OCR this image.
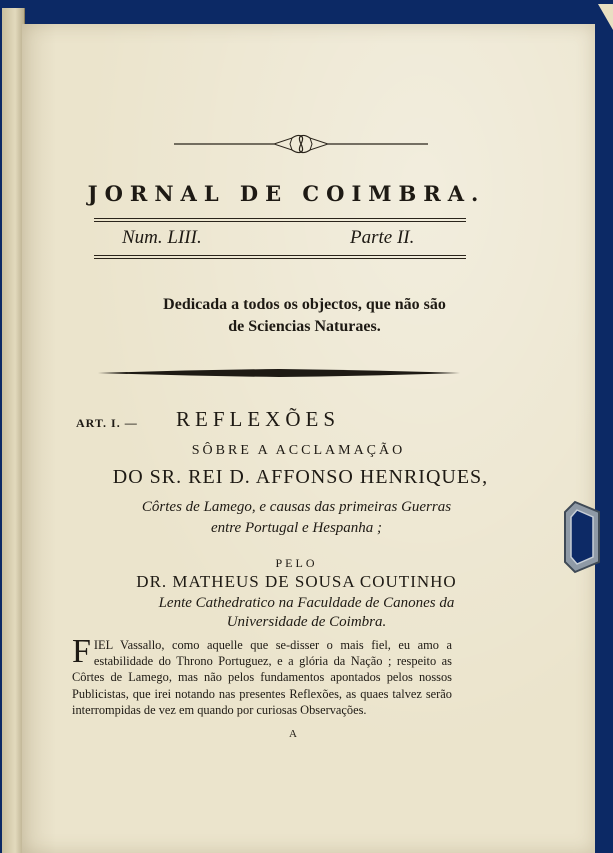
JORNAL DE COIMBRA.
Num. LIII.	Parte II.
Dedicada a todos os objectos, que não são
de Sciencias Naturaes.
ART. I. — REFLEXÕES
SÔBRE A ACCLAMAÇÃO
DO SR. REI D. AFFONSO HENRIQUES,
Côrtes de Lamego, e causas das primeiras Guerras
entre Portugal e Hespanha ;
PELO
DR. MATHEUS DE SOUSA COUTINHO
Lente Cathedratico na Faculdade de Canones da
Universidade de Coimbra.
FIEL Vassallo, como aquelle que se-disser o mais fiel, eu amo a estabilidade do Throno Portuguez, e a glória da Nação ; respeito as Côrtes de Lamego, mas não pelos fundamentos apontados pelos nossos Publicistas, que irei notando nas presentes Reflexões, as quaes talvez serão interrompidas de vez em quando por curiosas Observações.
A
